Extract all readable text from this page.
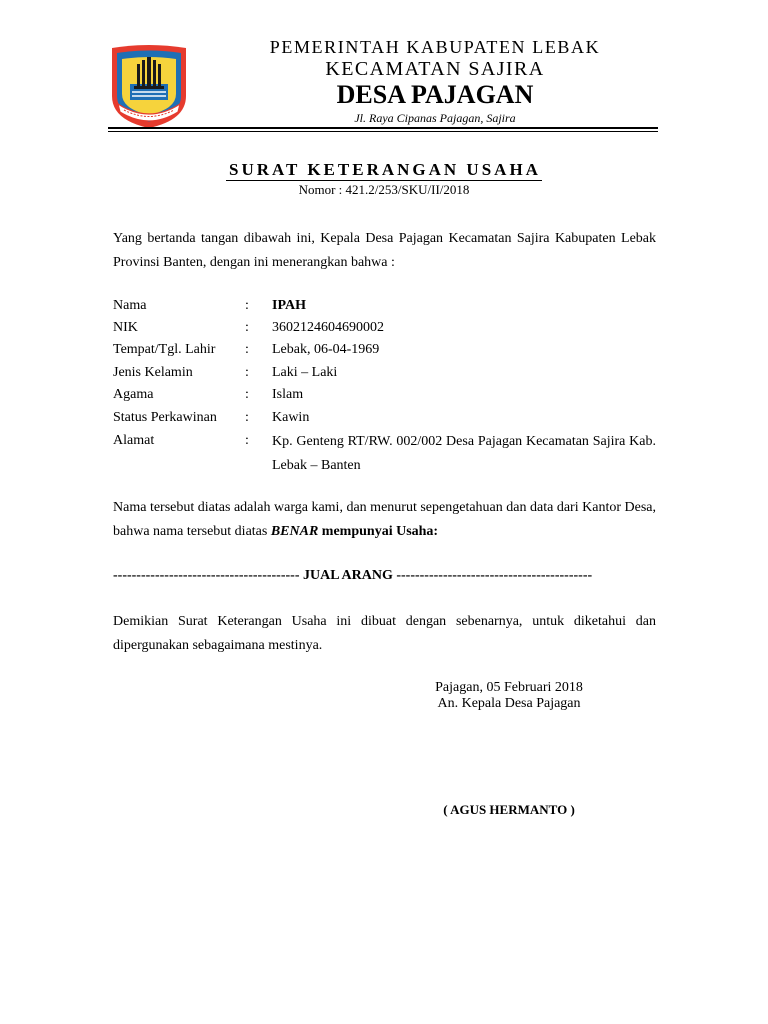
PEMERINTAH KABUPATEN LEBAK
KECAMATAN SAJIRA
DESA PAJAGAN
Jl. Raya Cipanas Pajagan, Sajira
SURAT KETERANGAN USAHA
Nomor : 421.2/253/SKU/II/2018
Yang bertanda tangan dibawah ini, Kepala Desa Pajagan Kecamatan Sajira Kabupaten Lebak Provinsi Banten, dengan ini menerangkan bahwa :
Nama	: IPAH
NIK	: 3602124604690002
Tempat/Tgl. Lahir	: Lebak, 06-04-1969
Jenis Kelamin	: Laki – Laki
Agama	: Islam
Status Perkawinan	: Kawin
Alamat	: Kp. Genteng RT/RW. 002/002 Desa Pajagan Kecamatan Sajira Kab. Lebak – Banten
Nama tersebut diatas adalah warga kami, dan menurut sepengetahuan dan data dari Kantor Desa, bahwa nama tersebut diatas BENAR mempunyai Usaha:
---------------------------------------- JUAL ARANG ------------------------------------------
Demikian Surat Keterangan Usaha ini dibuat dengan sebenarnya, untuk diketahui dan dipergunakan sebagaimana mestinya.
Pajagan, 05 Februari 2018
An. Kepala Desa Pajagan
( AGUS HERMANTO )
